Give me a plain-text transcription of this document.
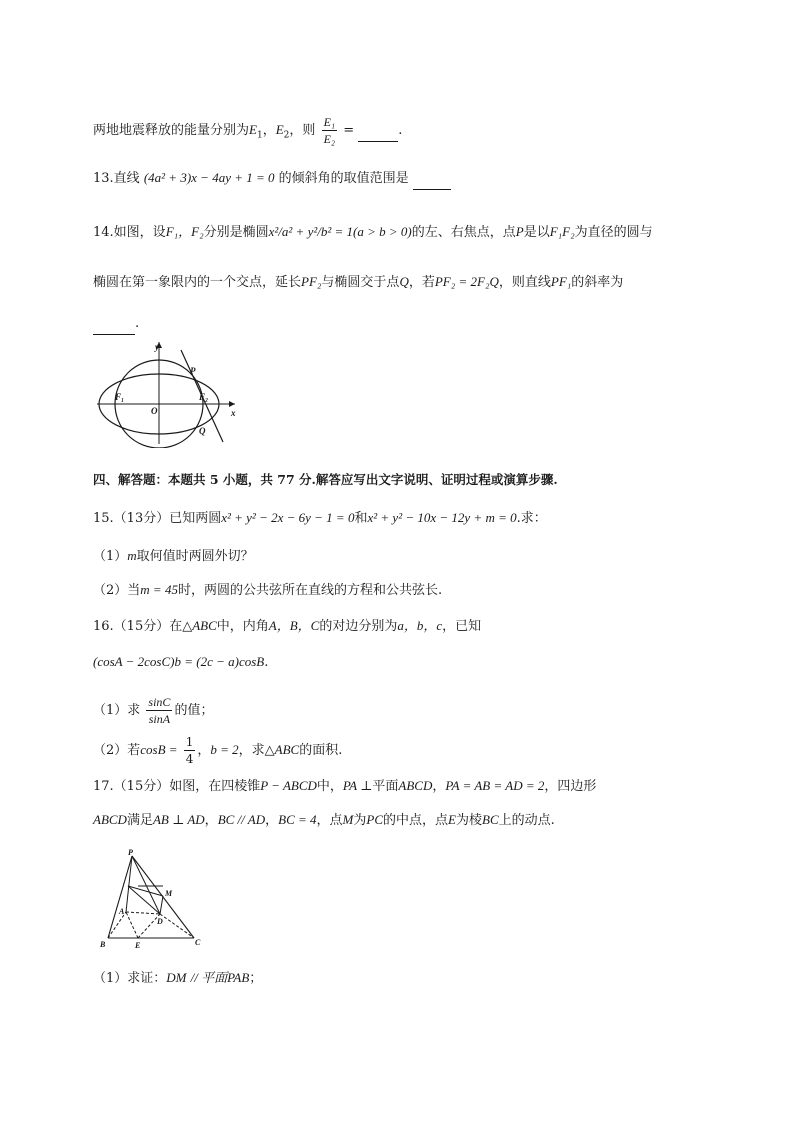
两地地震释放的能量分别为$E_1$，$E_2$，则 $\frac{\text{E₁}}{\text{E₂}}$ =	.
13.直线 (4a² + 3)x − 4ay + 1 = 0 的倾斜角的取值范围是
14.如图，设F₁，F₂分别是椭圆x²/a² + y²/b² = 1(a > b > 0)的左、右焦点，点P是以F₁F₂为直径的圆与
椭圆在第一象限内的一个交点，延长PF₂与椭圆交于点Q，若PF₂ = 2F₂Q，则直线PF₁的斜率为
.
y
x
P
Q
F₁	F₂
O
四、解答题：本题共 5 小题，共 77 分.解答应写出文字说明、证明过程或演算步骤.
15.（13分）已知两圆x² + y² − 2x − 6y − 1 = 0和x² + y² − 10x − 12y + m = 0.求：
（1）m取何值时两圆外切？
（2）当m = 45时，两圆的公共弦所在直线的方程和公共弦长.
16.（15分）在△ABC中，内角A，B，C的对边分别为a，b，c，已知
(cosA − 2cosC)b = (2c − a)cosB.
（1）求 $\frac{\sin C}{\sin A}$ 的值；
（2）若$\cos B = \frac{1}{4}$ ，b = 2，求△ABC的面积.
17.（15分）如图，在四棱锥P − ABCD中，PA ⊥平面ABCD，PA = AB = AD = 2，四边形
ABCD满足AB ⊥ AD，BC // AD，BC = 4，点M为PC的中点，点E为棱BC上的动点.
P
M
A
D
B	E	C
（1）求证：DM // 平面PAB；
